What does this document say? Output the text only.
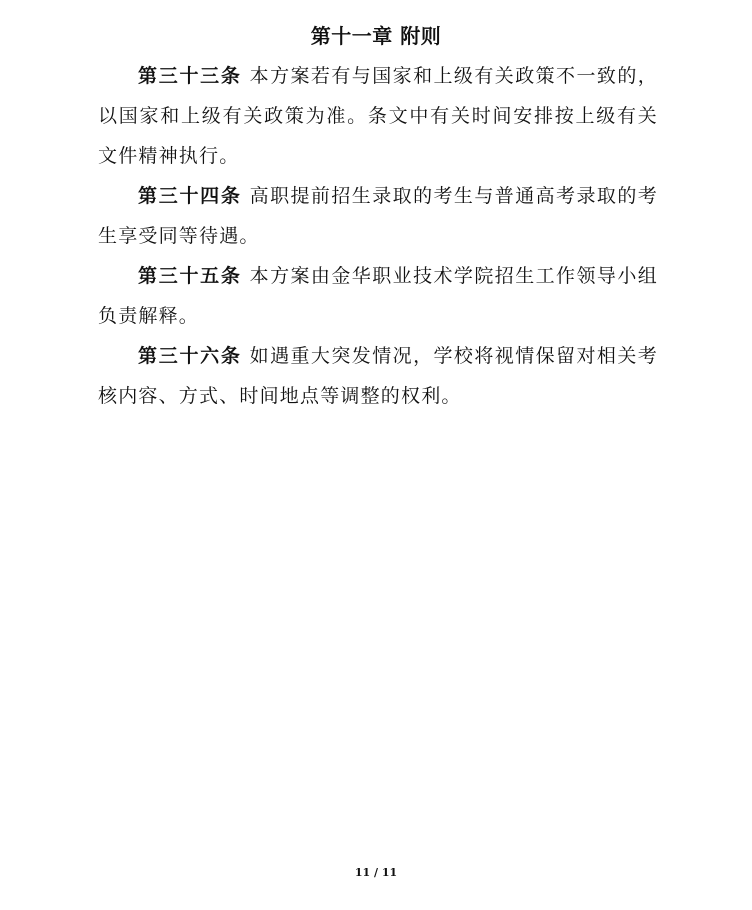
第十一章 附则

第三十三条 本方案若有与国家和上级有关政策不一致的，以国家和上级有关政策为准。条文中有关时间安排按上级有关文件精神执行。

第三十四条 高职提前招生录取的考生与普通高考录取的考生享受同等待遇。

第三十五条 本方案由金华职业技术学院招生工作领导小组负责解释。

第三十六条 如遇重大突发情况，学校将视情保留对相关考核内容、方式、时间地点等调整的权利。

11 / 11
